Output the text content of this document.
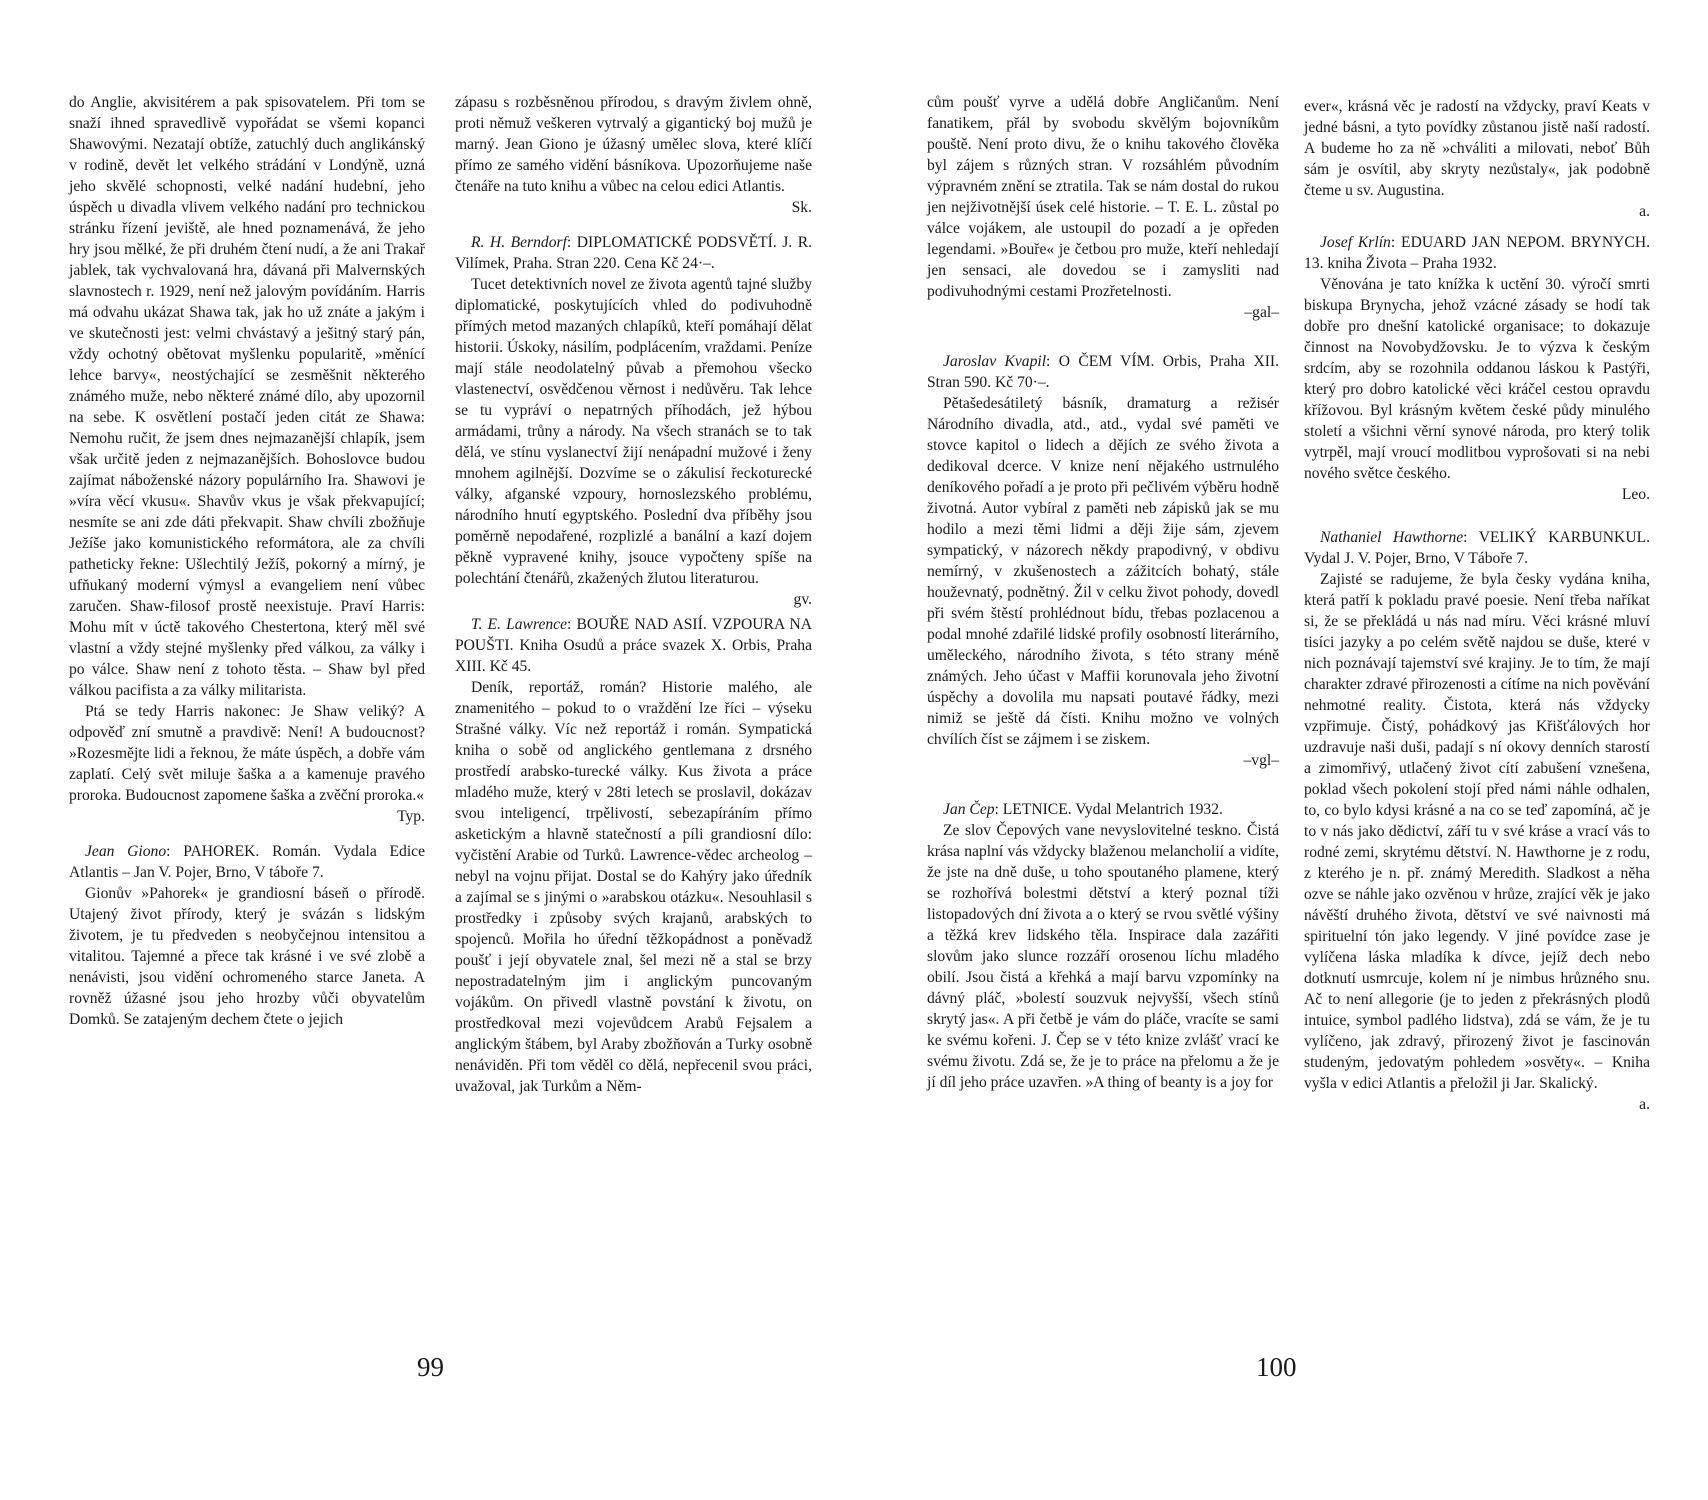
do Anglie, akvisitérem a pak spisovatelem. Při tom se snaží ihned spravedlivě vypořádat se všemi kopanci Shawovými. Nezatají obtíže, zatuchlý duch anglikánský v rodině, devět let velkého strádání v Londýně, uzná jeho skvělé schopnosti, velké nadání hudební, jeho úspěch u divadla vlivem velkého nadání pro technickou stránku řízení jeviště, ale hned poznamenává, že jeho hry jsou mělké, že při druhém čtení nudí, a že ani Trakař jablek, tak vychvalovaná hra, dávaná při Malvernských slavnostech r. 1929, není než jalovým povídáním. Harris má odvahu ukázat Shawa tak, jak ho už znáte a jakým i ve skutečnosti jest: velmi chvástavý a ješitný starý pán, vždy ochotný obětovat myšlenku popularitě, »měnící lehce barvy«, neostýchající se zesměšnit některého známého muže, nebo některé známé dílo, aby upozornil na sebe. K osvětlení postačí jeden citát ze Shawa: Nemohu ručit, že jsem dnes nejmazanější chlapík, jsem však určitě jeden z nejmazanějších. Bohoslovce budou zajímat náboženské názory populárního Ira. Shawovi je »víra věcí vkusu«. Shavův vkus je však překvapující; nesmíte se ani zde dáti překvapit. Shaw chvíli zbožňuje Ježíše jako komunistického reformátora, ale za chvíli patheticky řekne: Ušlechtilý Ježíš, pokorný a mírný, je ufňukaný moderní výmysl a evangeliem není vůbec zaručen. Shaw-filosof prostě neexistuje. Praví Harris: Mohu mít v úctě takového Chestertona, který měl své vlastní a vždy stejné myšlenky před válkou, za války i po válce. Shaw není z tohoto těsta. – Shaw byl před válkou pacifista a za války militarista.

Ptá se tedy Harris nakonec: Je Shaw veliký? A odpověď zní smutně a pravdivě: Není! A budoucnost? »Rozesmějte lidi a řeknou, že máte úspěch, a dobře vám zaplatí. Celý svět miluje šaška a a kamenuje pravého proroka. Budoucnost zapomene šaška a zvěční proroka.«

Typ.

Jean Giono: PAHOREK. Román. Vydala Edice Atlantis – Jan V. Pojer, Brno, V táboře 7.

Gionův »Pahorek« je grandiosní báseň o přírodě. Utajený život přírody, který je svázán s lidským životem, je tu předveden s neobyčejnou intensitou a vitalitou. Tajemné a přece tak krásné i ve své zlobě a nenávisti, jsou vidění ochromeného starce Janeta. A rovněž úžasné jsou jeho hrozby vůči obyvatelům Domků. Se zatajeným dechem čtete o jejich

zápasu s rozběsněnou přírodou, s dravým živlem ohně, proti němuž veškeren vytrvalý a gigantický boj mužů je marný. Jean Giono je úžasný umělec slova, které klíčí přímo ze samého vidění básníkova. Upozorňujeme naše čtenáře na tuto knihu a vůbec na celou edici Atlantis.

Sk.

R. H. Berndorf: DIPLOMATICKÉ PODSVĚTÍ. J. R. Vilímek, Praha. Stran 220. Cena Kč 24·–.

Tucet detektivních novel ze života agentů tajné služby diplomatické, poskytujících vhled do podivuhodně přímých metod mazaných chlapíků, kteří pomáhají dělat historii. Úskoky, násilím, podplácením, vraždami. Peníze mají stále neodolatelný půvab a přemohou všecko vlastenectví, osvědčenou věrnost i nedůvěru. Tak lehce se tu vypráví o nepatrných příhodách, jež hýbou armádami, trůny a národy. Na všech stranách se to tak dělá, ve stínu vyslanectví žijí nenápadní mužové i ženy mnohem agilnější. Dozvíme se o zákulisí řeckoturecké války, afganské vzpoury, hornoslezského problému, národního hnutí egyptského. Poslední dva příběhy jsou poměrně nepodařené, rozplizlé a banální a kazí dojem pěkně vypravené knihy, jsouce vypočteny spíše na polechtání čtenářů, zkažených žlutou literaturou.

gv.

T. E. Lawrence: BOUŘE NAD ASIÍ. VZPOURA NA POUŠTI. Kniha Osudů a práce svazek X. Orbis, Praha XIII. Kč 45.

Deník, reportáž, román? Historie malého, ale znamenitého – pokud to o vraždění lze říci – výseku Strašné války. Víc než reportáž i román. Sympatická kniha o sobě od anglického gentlemana z drsného prostředí arabsko-turecké války. Kus života a práce mladého muže, který v 28ti letech se proslavil, dokázav svou inteligencí, trpělivostí, sebezapíráním přímo asketickým a hlavně statečností a píli grandiosní dílo: vyčistění Arabie od Turků. Lawrence-vědec archeolog – nebyl na vojnu přijat. Dostal se do Kahýry jako úředník a zajímal se s jinými o »arabskou otázku«. Nesouhlasil s prostředky i způsoby svých krajanů, arabských to spojenců. Mořila ho úřední těžkopádnost a poněvadž poušť i její obyvatele znal, šel mezi ně a stal se brzy nepostradatelným jim i anglickým puncovaným vojákům. On přivedl vlastně povstání k životu, on prostředkoval mezi vojevůdcem Arabů Fejsalem a anglickým štábem, byl Araby zbožňován a Turky osobně nenáviděn. Při tom věděl co dělá, nepřecenil svou práci, uvažoval, jak Turkům a Něm-

99

cům poušť vyrve a udělá dobře Angličanům. Není fanatikem, přál by svobodu skvělým bojovníkům pouště. Není proto divu, že o knihu takového člověka byl zájem s různých stran. V rozsáhlém původním výpravném znění se ztratila. Tak se nám dostal do rukou jen nejživotnější úsek celé historie. – T. E. L. zůstal po válce vojákem, ale ustoupil do pozadí a je opředen legendami. »Bouře« je četbou pro muže, kteří nehledají jen sensaci, ale dovedou se i zamysliti nad podivuhodnými cestami Prozřetelnosti.

–gal–

Jaroslav Kvapil: O ČEM VÍM. Orbis, Praha XII. Stran 590. Kč 70·–.

Pětašedesátiletý básník, dramaturg a režisér Národního divadla, atd., atd., vydal své paměti ve stovce kapitol o lidech a dějích ze svého života a dedikoval dcerce. V knize není nějakého ustrnulého deníkového pořadí a je proto při pečlivém výběru hodně životná. Autor vybíral z paměti neb zápisků jak se mu hodilo a mezi těmi lidmi a ději žije sám, zjevem sympatický, v názorech někdy prapodivný, v obdivu nemírný, v zkušenostech a zážitcích bohatý, stále houževnatý, podnětný. Žil v celku život pohody, dovedl při svém štěstí prohlédnout bídu, třebas pozlacenou a podal mnohé zdařilé lidské profily osobností literárního, uměleckého, národního života, s této strany méně známých. Jeho účast v Maffii korunovala jeho životní úspěchy a dovolila mu napsati poutavé řádky, mezi nimiž se ještě dá čísti. Knihu možno ve volných chvílích číst se zájmem i se ziskem.

–vgl–

Jan Čep: LETNICE. Vydal Melantrich 1932.

Ze slov Čepových vane nevyslovitelné teskno. Čistá krása naplní vás vždycky blaženou melancholií a vidíte, že jste na dně duše, u toho spoutaného plamene, který se rozhořívá bolestmi dětství a který poznal tíži listopadových dní života a o který se rvou světlé výšiny a těžká krev lidského těla. Inspirace dala zazářiti slovům jako slunce rozzáří orosenou líchu mladého obilí. Jsou čistá a křehká a mají barvu vzpomínky na dávný pláč, »bolestí souzvuk nejvyšší, všech stínů skrytý jas«. A při četbě je vám do pláče, vracíte se sami ke svému kořeni. J. Čep se v této knize zvlášť vrací ke svému životu. Zdá se, že je to práce na přelomu a že je jí díl jeho práce uzavřen. »A thing of beanty is a joy for

ever«, krásná věc je radostí na vždycky, praví Keats v jedné básni, a tyto povídky zůstanou jistě naší radostí. A budeme ho za ně »chváliti a milovati, neboť Bůh sám je osvítil, aby skryty nezůstaly«, jak podobně čteme u sv. Augustina.

a.

Josef Krlín: EDUARD JAN NEPOM. BRYNYCH. 13. kniha Života – Praha 1932.

Věnována je tato knížka k uctění 30. výročí smrti biskupa Brynycha, jehož vzácné zásady se hodí tak dobře pro dnešní katolické organisace; to dokazuje činnost na Novobydžovsku. Je to výzva k českým srdcím, aby se rozohnila oddanou láskou k Pastýři, který pro dobro katolické věci kráčel cestou opravdu křížovou. Byl krásným květem české půdy minulého století a všichni věrní synové národa, pro který tolik vytrpěl, mají vroucí modlitbou vyprošovati si na nebi nového světce českého.

Leo.

Nathaniel Hawthorne: VELIKÝ KARBUNKUL. Vydal J. V. Pojer, Brno, V Táboře 7.

Zajisté se radujeme, že byla česky vydána kniha, která patří k pokladu pravé poesie. Není třeba naříkat si, že se překládá u nás nad míru. Věci krásné mluví tisíci jazyky a po celém světě najdou se duše, které v nich poznávají tajemství své krajiny. Je to tím, že mají charakter zdravé přirozenosti a cítíme na nich pověvání nehmotné reality. Čistota, která nás vždycky vzpřimuje. Čistý, pohádkový jas Křišťálových hor uzdravuje naši duši, padají s ní okovy denních starostí a zimomřivý, utlačený život cítí zabušení vznešena, poklad všech pokolení stojí před námi náhle odhalen, to, co bylo kdysi krásné a na co se teď zapomíná, ač je to v nás jako dědictví, září tu v své kráse a vrací vás to rodné zemi, skrytému dětství. N. Hawthorne je z rodu, z kterého je n. př. známý Meredith. Sladkost a něha ozve se náhle jako ozvěnou v hrůze, zrající věk je jako návěští druhého života, dětství ve své naivnosti má spirituelní tón jako legendy. V jiné povídce zase je vylíčena láska mladíka k dívce, jejíž dech nebo dotknutí usmrcuje, kolem ní je nimbus hrůzného snu. Ač to není allegorie (je to jeden z překrásných plodů intuice, symbol padlého lidstva), zdá se vám, že je tu vylíčeno, jak zdravý, přirozený život je fascinován studeným, jedovatým pohledem »osvěty«. – Kniha vyšla v edici Atlantis a přeložil ji Jar. Skalický.

a.

100
